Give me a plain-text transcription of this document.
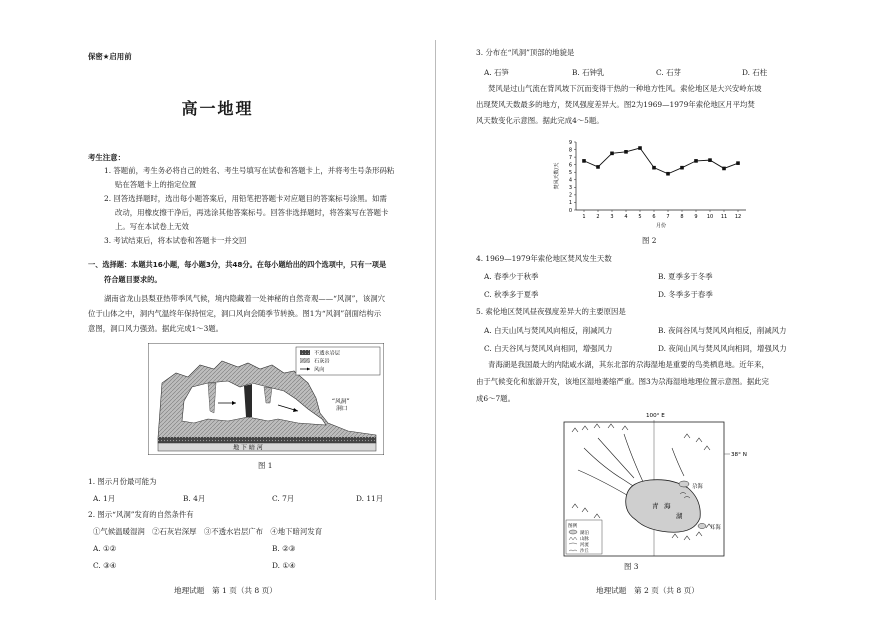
保密★启用前
高一地理
考生注意：
1. 答题前，考生务必将自己的姓名、考生号填写在试卷和答题卡上，并将考生号条形码粘
贴在答题卡上的指定位置
2. 回答选择题时，选出每小题答案后，用铅笔把答题卡对应题目的答案标号涂黑。如需
改动，用橡皮擦干净后，再选涂其他答案标号。回答非选择题时，将答案写在答题卡
上。写在本试卷上无效
3. 考试结束后，将本试卷和答题卡一并交回
一、选择题：本题共16小题，每小题3分，共48分。在每小题给出的四个选项中，只有一项是
符合题目要求的。
湖南省龙山县梨亚热带季风气候，境内隐藏着一处神秘的自然奇观——“风洞”，该洞穴
位于山体之中，洞内气温终年保持恒定，洞口风向会随季节转换。图1为“风洞”剖面结构示
意图，洞口风力强劲。据此完成1～3题。
地 下 暗 河
“风洞”
洞口
不透水岩层
石灰岩
风向
图 1
1. 图示月份最可能为
A. 1月	B. 4月	C. 7月	D. 11月
2. 图示“风洞”发育的自然条件有
①气候温暖湿润　②石灰岩深厚　③不透水岩层广布　④地下暗河发育
A. ①②	B. ②③
C. ③④	D. ①④
地理试题　第 1 页（共 8 页）
3. 分布在“风洞”顶部的地貌是
A. 石笋	B. 石钟乳	C. 石芽	D. 石柱
焚风是过山气流在背风坡下沉而变得干热的一种地方性风。索伦地区是大兴安岭东坡
出现焚风天数最多的地方，焚风强度差异大。图2为1969—1979年索伦地区月平均焚
风天数变化示意图。据此完成4～5题。
0
1
2
3
4
5
6
7
8
9
1 2 3 4 5 6 7 8 9 10 11 12
焚风天数/天
月份
图 2
4. 1969—1979年索伦地区焚风发生天数
A. 春季少于秋季	B. 夏季多于冬季
C. 秋季多于夏季	D. 冬季多于春季
5. 索伦地区焚风昼夜强度差异大的主要原因是
A. 白天山风与焚风风向相反，削减风力	B. 夜间谷风与焚风风向相反，削减风力
C. 白天谷风与焚风风向相同，增强风力	D. 夜间山风与焚风风向相同，增强风力
青海湖是我国最大的内陆咸水湖，其东北部的尕海湿地是重要的鸟类栖息地。近年来，
由于气候变化和旅游开发，该地区湿地萎缩严重。图3为尕海湿地地理位置示意图。据此完
成6～7题。
100° E
38° N
青 海
湖
尕海
耳海
图例
湖泊
山脉
河流
沙丘
图 3
地理试题　第 2 页（共 8 页）
